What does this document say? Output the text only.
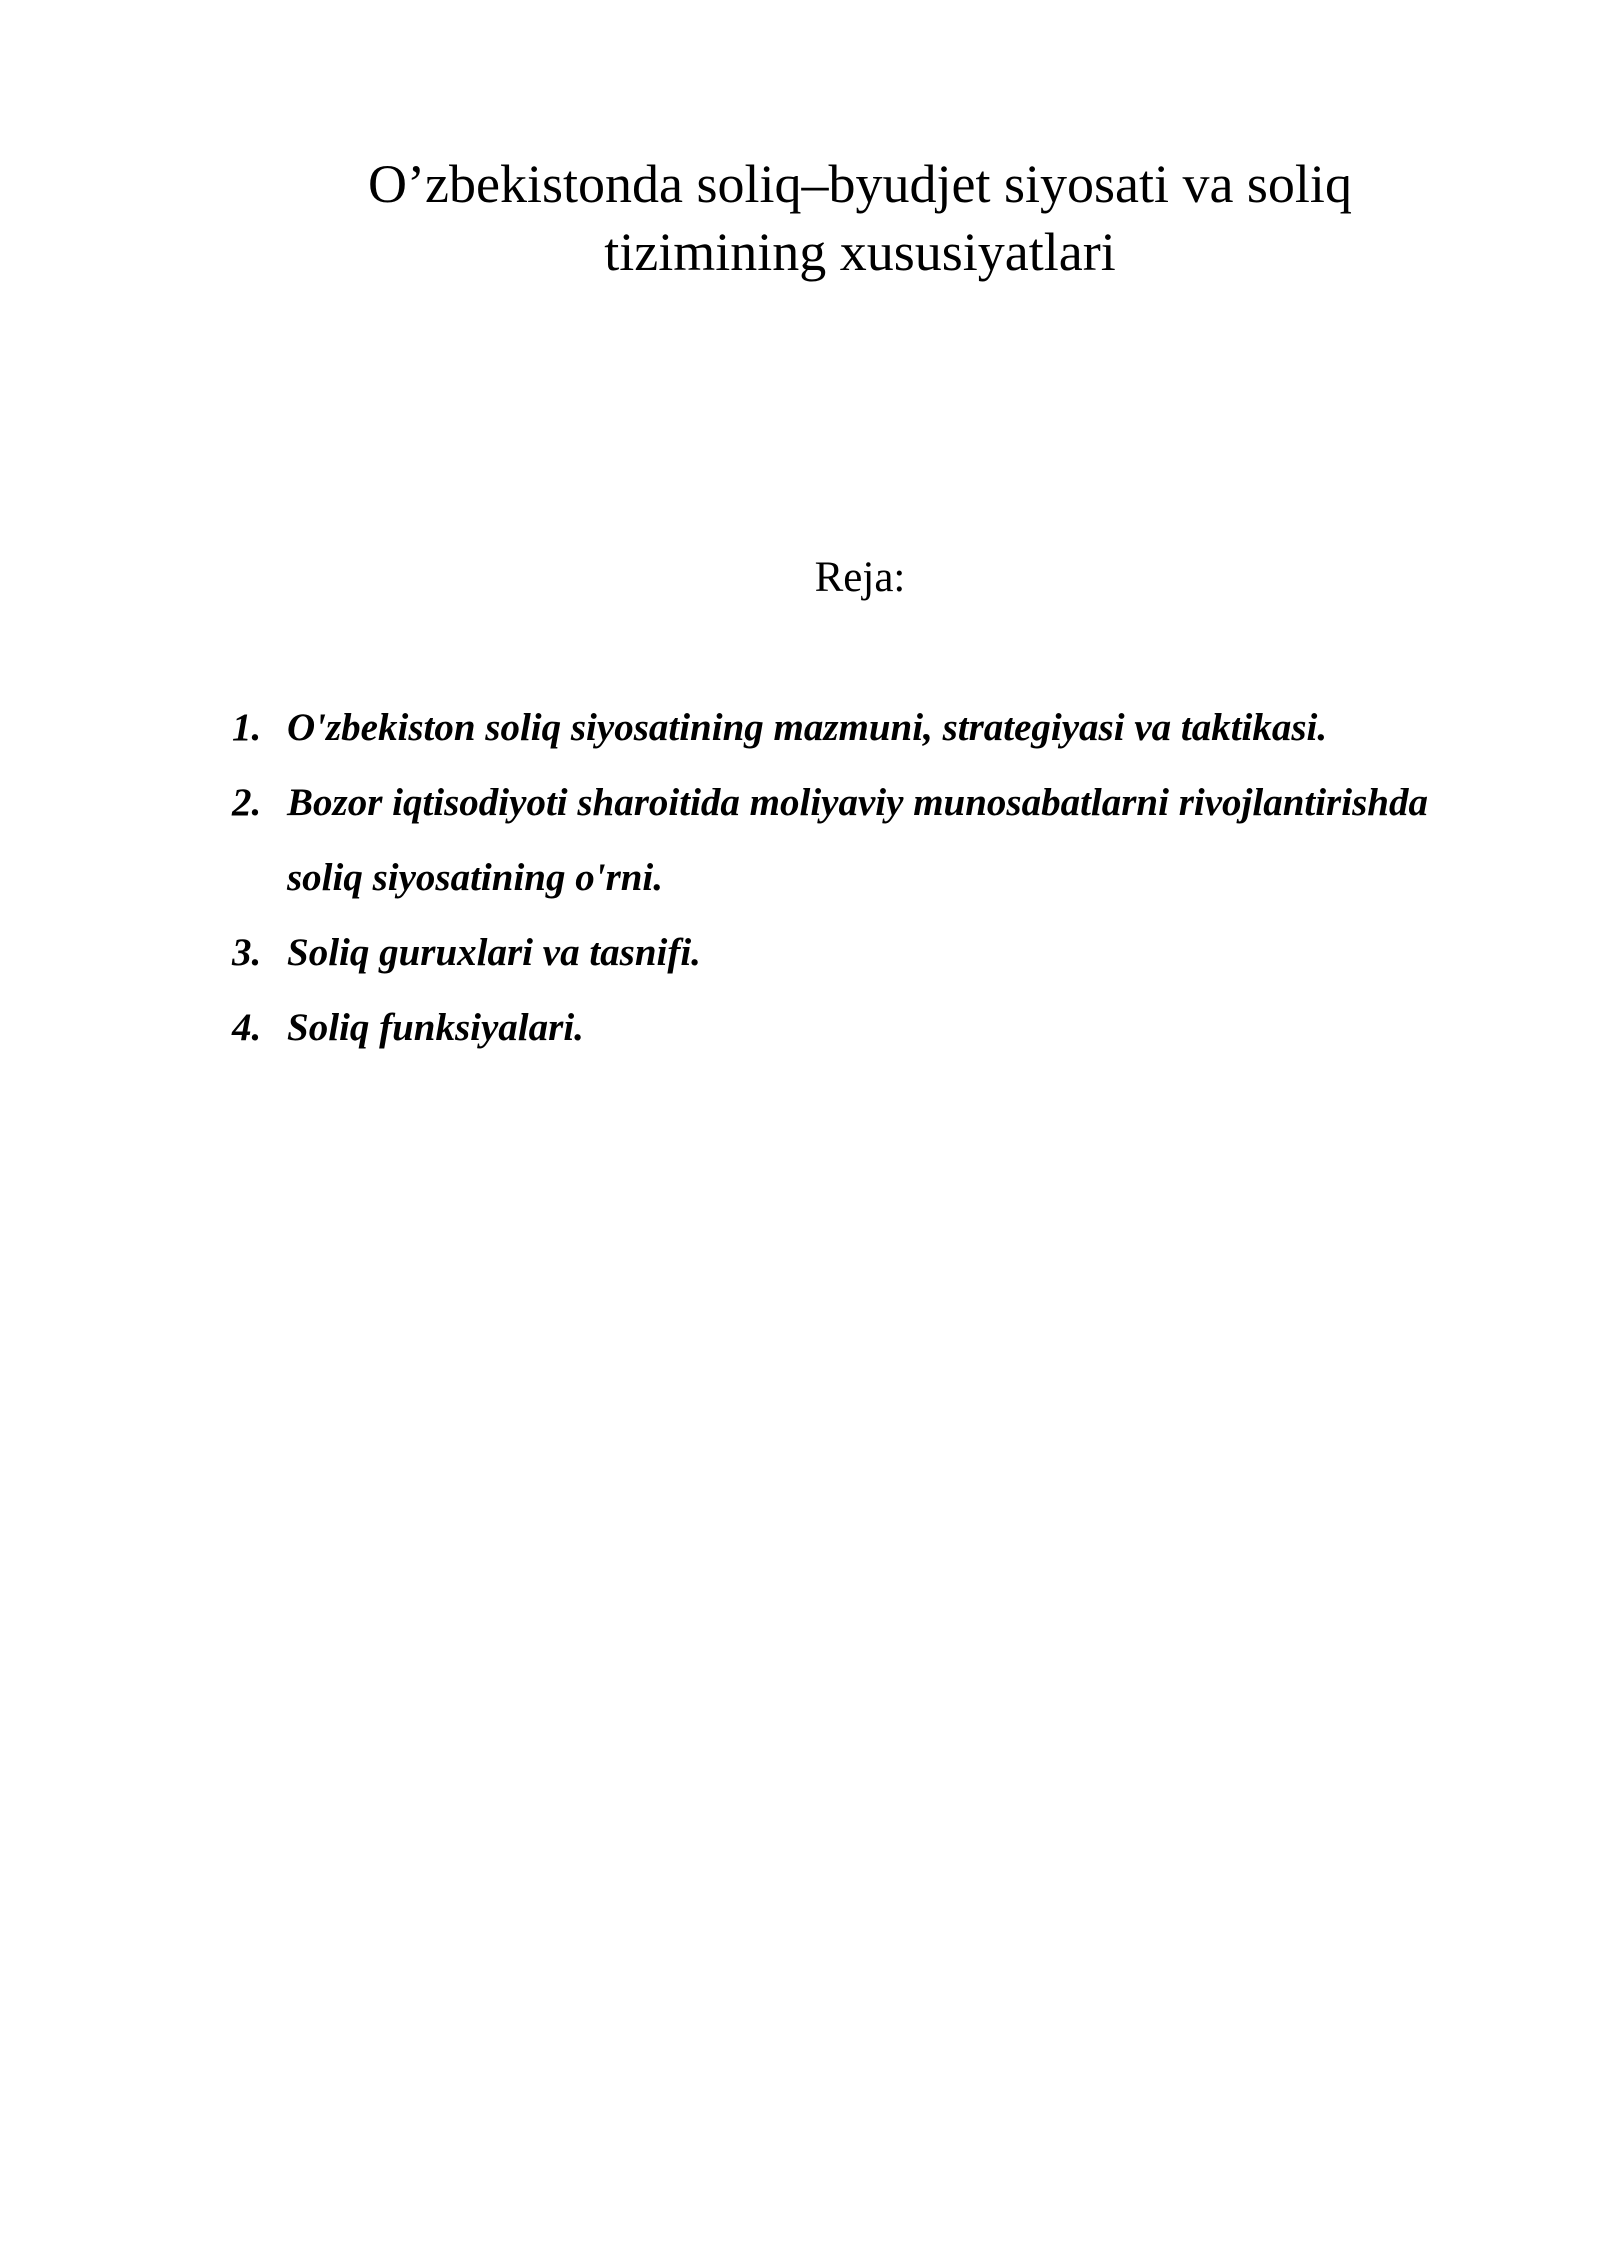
O’zbekistonda soliq–byudjet siyosati va soliq
tizimining xususiyatlari
Reja:
1. O'zbekiston soliq siyosatining mazmuni, strategiyasi va taktikasi.
2. Bozor iqtisodiyoti sharoitida moliyaviy munosabatlarni rivojlantirishda soliq siyosatining o'rni.
3. Soliq guruxlari va tasnifi.
4. Soliq funksiyalari.
